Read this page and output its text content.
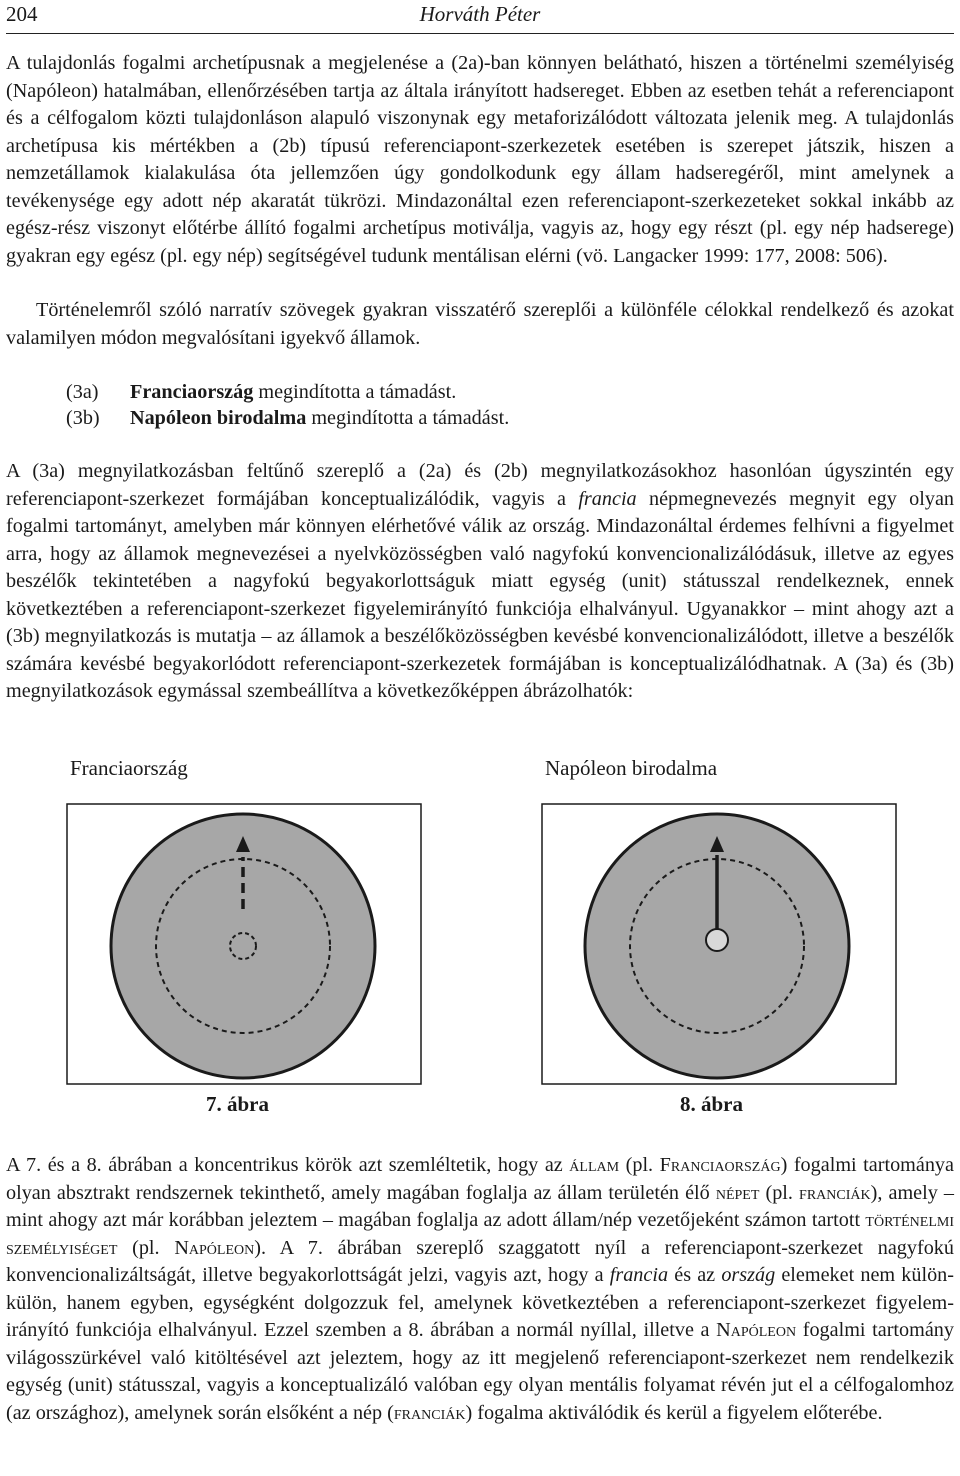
204	Horváth Péter

A tulajdonlás fogalmi archetípusnak a megjelenése a (2a)-ban könnyen belátható, hiszen a történelmi személyiség (Napóleon) hatalmában, ellenőrzésében tartja az általa irányított hadsereget. Ebben az esetben tehát a referenciapont és a célfogalom közti tulajdonláson alapuló viszonynak egy metaforizálódott változata jelenik meg. A tulajdonlás archetípusa kis mértékben a (2b) típusú referenciapont-szerkezetek esetében is szerepet játszik, hiszen a nemzetállamok kialakulása óta jellemzően úgy gondolkodunk egy állam hadseregéről, mint amelynek a tevékenysége egy adott nép akaratát tükrözi. Mindazonáltal ezen referenciapont-szerkezeteket sokkal inkább az egész-rész viszonyt előtérbe állító fogalmi archetípus motiválja, vagyis az, hogy egy részt (pl. egy nép hadserege) gyakran egy egész (pl. egy nép) segítségével tudunk mentálisan elérni (vö. Langacker 1999: 177, 2008: 506).

Történelemről szóló narratív szövegek gyakran visszatérő szereplői a különféle célokkal rendelkező és azokat valamilyen módon megvalósítani igyekvő államok.

(3a) Franciaország megindította a támadást.
(3b) Napóleon birodalma megindította a támadást.

A (3a) megnyilatkozásban feltűnő szereplő a (2a) és (2b) megnyilatkozásokhoz hasonlóan úgyszintén egy referenciapont-szerkezet formájában konceptualizálódik, vagyis a francia népmegnevezés megnyit egy olyan fogalmi tartományt, amelyben már könnyen elérhetővé válik az ország. Mindazonáltal érdemes felhívni a figyelmet arra, hogy az államok megnevezései a nyelvközösségben való nagyfokú konvencionalizálódásuk, illetve az egyes beszélők tekintetében a nagyfokú begyakorlottságuk miatt egység (unit) státusszal rendelkeznek, ennek következtében a referenciapont-szerkezet figyelemirányító funkciója elhalványul. Ugyanakkor – mint ahogy azt a (3b) megnyilatkozás is mutatja – az államok a beszélőközösségben kevésbé konvencionalizálódott, illetve a beszélők számára kevésbé begyakorlódott referenciapont-szerkezetek formájában is konceptualizálódhatnak. A (3a) és (3b) megnyilatkozások egymással szembeállítva a következőképpen ábrázolhatók:

Franciaország	Napóleon birodalma
7. ábra	8. ábra

A 7. és a 8. ábrában a koncentrikus körök azt szemléltetik, hogy az állam (pl. Franciaország) fogalmi tartománya olyan absztrakt rendszernek tekinthető, amely magában foglalja az állam területén élő népet (pl. franciák), amely – mint ahogy azt már korábban jeleztem – magában foglalja az adott állam/nép vezetőjeként számon tartott történelmi személyiséget (pl. Napóleon). A 7. ábrában szereplő szaggatott nyíl a referenciapont-szerkezet nagyfokú konvencionalizáltságát, illetve begyakorlottságát jelzi, vagyis azt, hogy a francia és az ország elemeket nem külön-külön, hanem egyben, egységként dolgozzuk fel, amelynek következtében a referenciapont-szerkezet figyelemirányító funkciója elhalványul. Ezzel szemben a 8. ábrában a normál nyíllal, illetve a Napóleon fogalmi tartomány világosszürkével való kitöltésével azt jeleztem, hogy az itt megjelenő referenciapont-szerkezet nem rendelkezik egység (unit) státusszal, vagyis a konceptualizáló valóban egy olyan mentális folyamat révén jut el a célfogalomhoz (az országhoz), amelynek során elsőként a nép (franciák) fogalma aktiválódik és kerül a figyelem előterébe.
